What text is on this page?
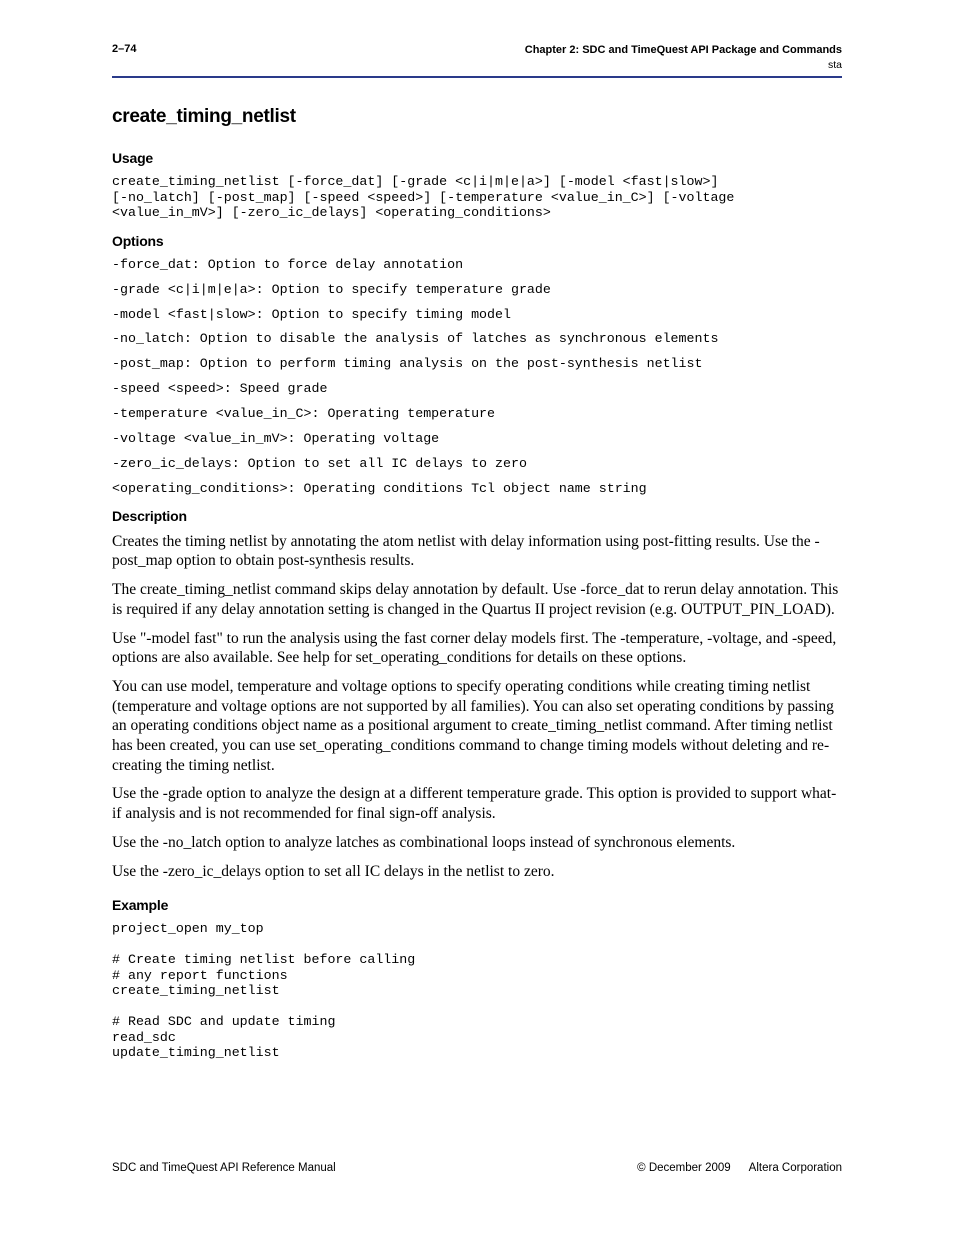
2–74	Chapter 2: SDC and TimeQuest API Package and Commands
sta
create_timing_netlist
Usage
create_timing_netlist [-force_dat] [-grade <c|i|m|e|a>] [-model <fast|slow>]
[-no_latch] [-post_map] [-speed <speed>] [-temperature <value_in_C>] [-voltage
<value_in_mV>] [-zero_ic_delays] <operating_conditions>
Options
-force_dat: Option to force delay annotation
-grade <c|i|m|e|a>: Option to specify temperature grade
-model <fast|slow>: Option to specify timing model
-no_latch: Option to disable the analysis of latches as synchronous elements
-post_map: Option to perform timing analysis on the post-synthesis netlist
-speed <speed>: Speed grade
-temperature <value_in_C>: Operating temperature
-voltage <value_in_mV>: Operating voltage
-zero_ic_delays: Option to set all IC delays to zero
<operating_conditions>: Operating conditions Tcl object name string
Description

Creates the timing netlist by annotating the atom netlist with delay information using post-fitting results. Use the -post_map option to obtain post-synthesis results.

The create_timing_netlist command skips delay annotation by default. Use -force_dat to rerun delay annotation. This is required if any delay annotation setting is changed in the Quartus II project revision (e.g. OUTPUT_PIN_LOAD).

Use "-model fast" to run the analysis using the fast corner delay models first. The -temperature, -voltage, and -speed, options are also available. See help for set_operating_conditions for details on these options.

You can use model, temperature and voltage options to specify operating conditions while creating timing netlist (temperature and voltage options are not supported by all families). You can also set operating conditions by passing an operating conditions object name as a positional argument to create_timing_netlist command. After timing netlist has been created, you can use set_operating_conditions command to change timing models without deleting and re-creating the timing netlist.

Use the -grade option to analyze the design at a different temperature grade. This option is provided to support what-if analysis and is not recommended for final sign-off analysis.

Use the -no_latch option to analyze latches as combinational loops instead of synchronous elements.

Use the -zero_ic_delays option to set all IC delays in the netlist to zero.

Example
project_open my_top

# Create timing netlist before calling
# any report functions
create_timing_netlist

# Read SDC and update timing
read_sdc
update_timing_netlist
SDC and TimeQuest API Reference Manual	© December 2009 Altera Corporation
